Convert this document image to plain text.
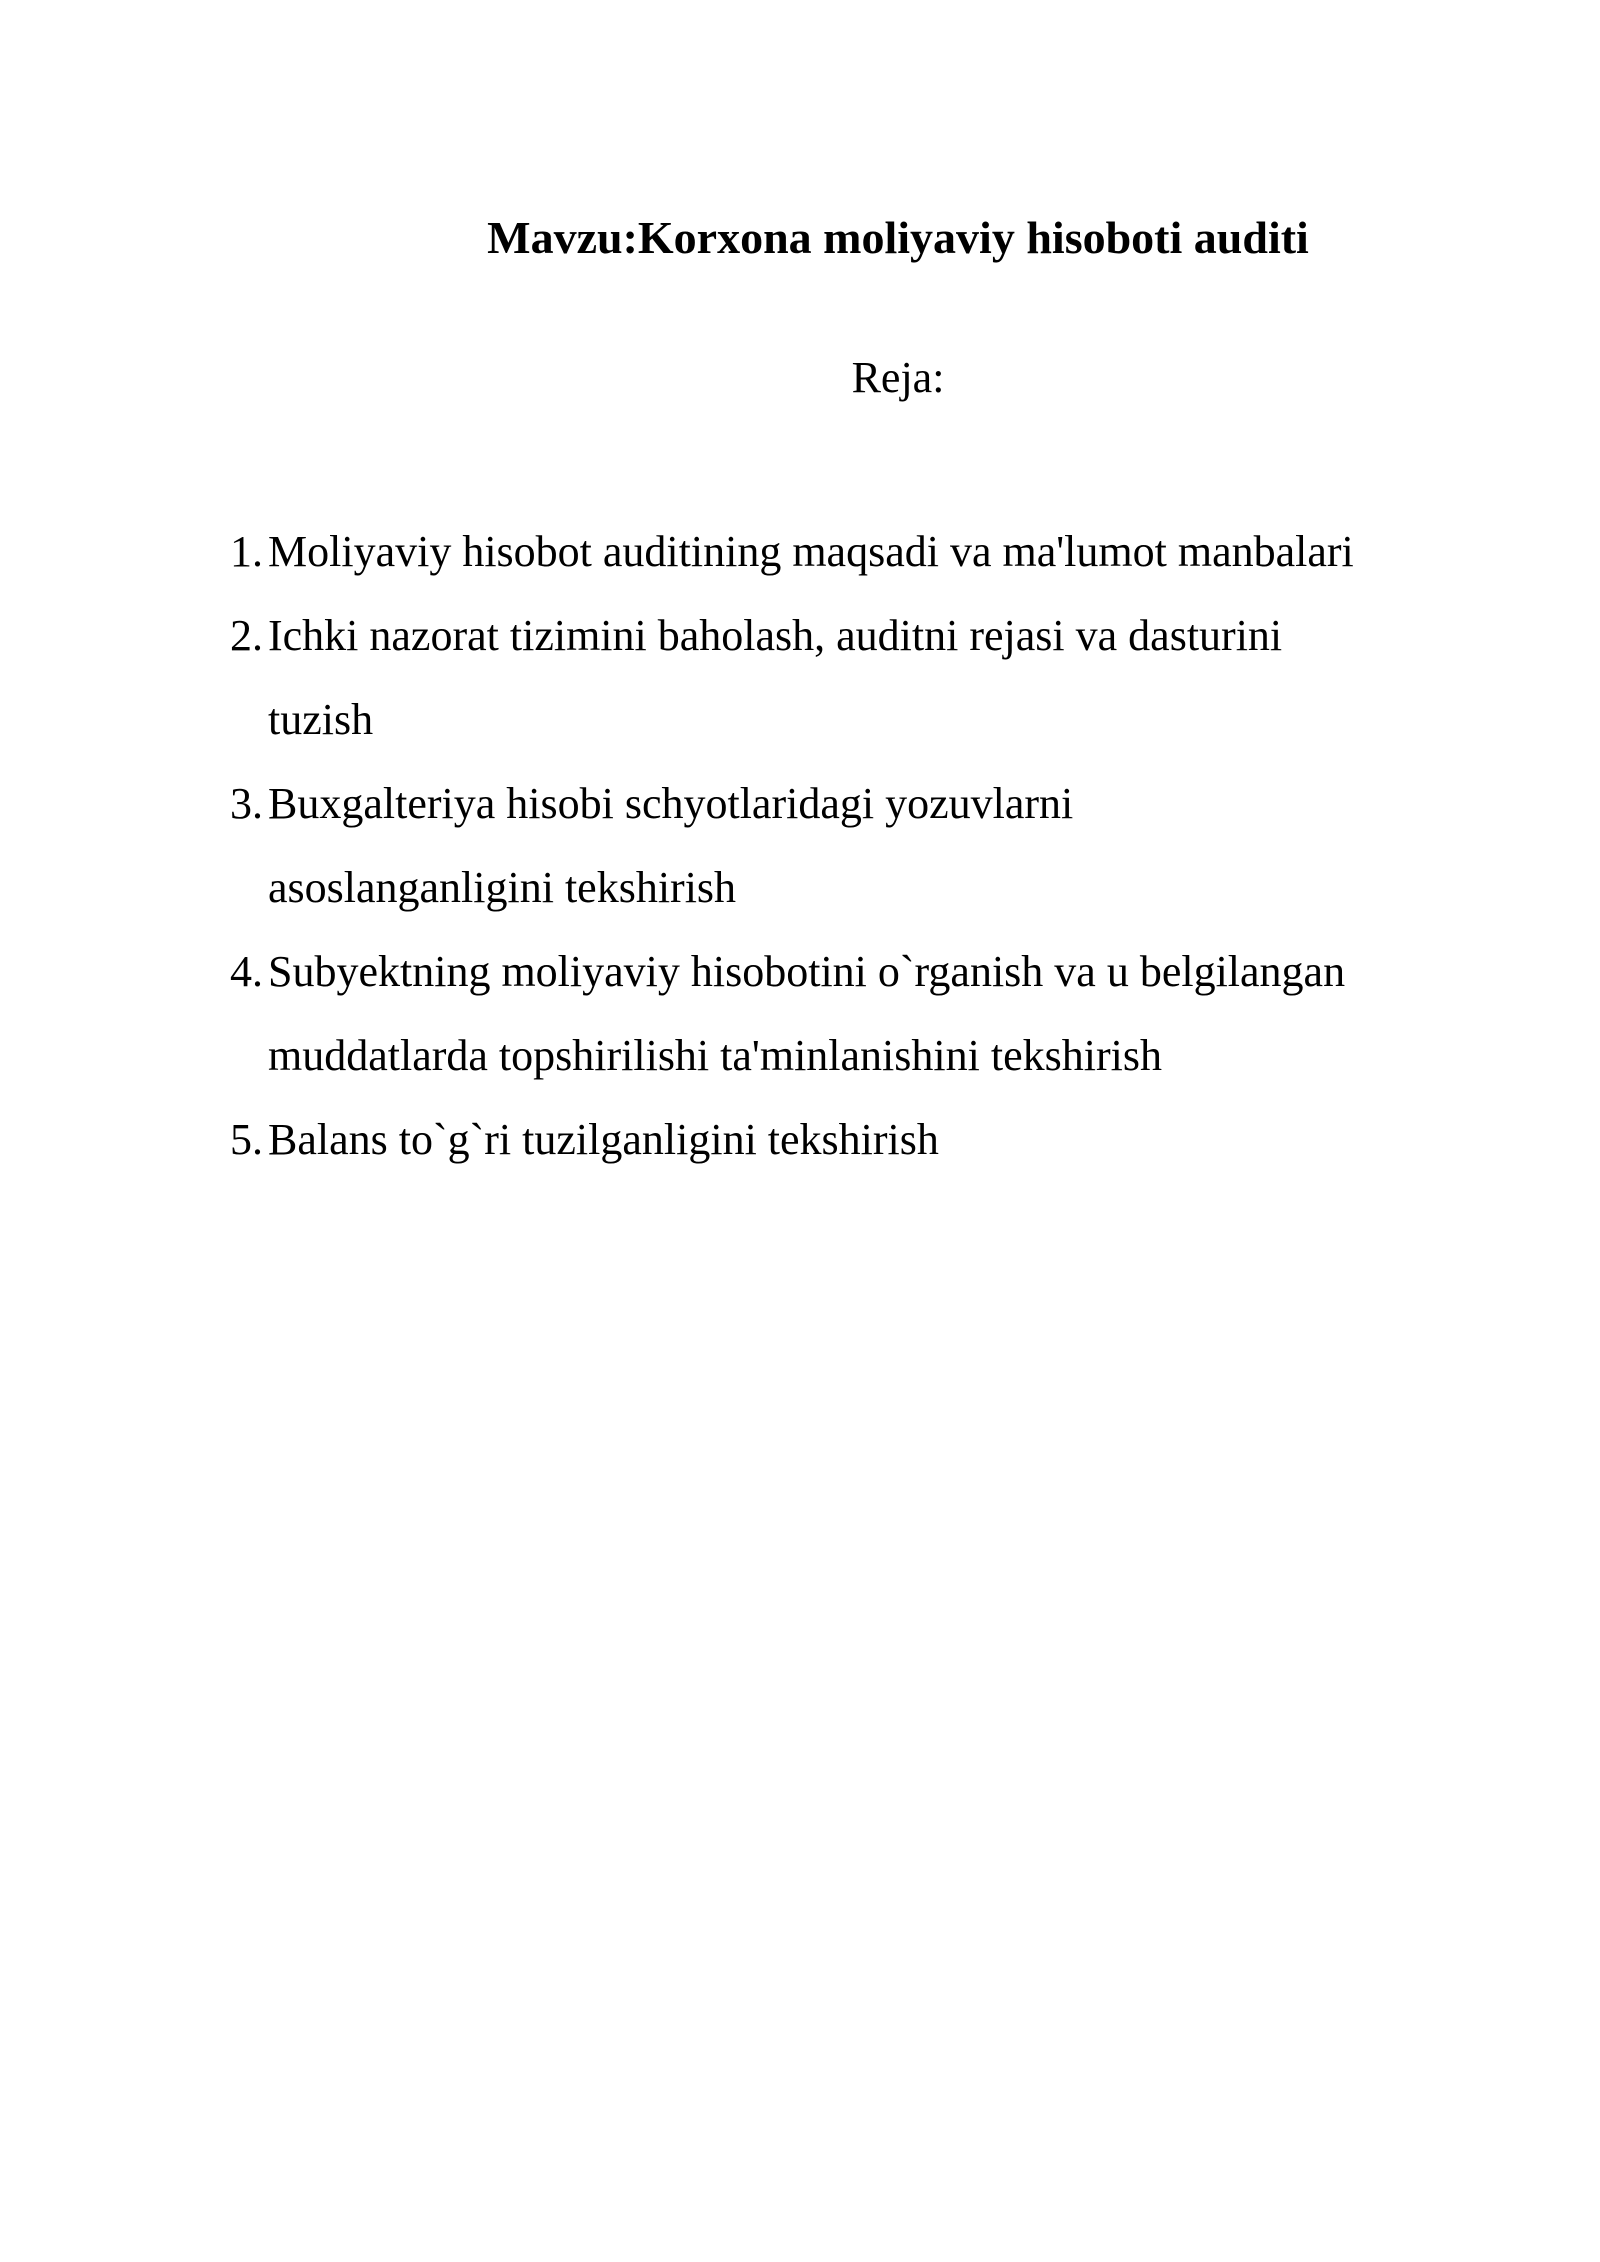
Mavzu:Korxona moliyaviy hisoboti auditi

Reja:

1. Moliyaviy hisobot auditining maqsadi va ma'lumot manbalari
2. Ichki nazorat tizimini baholash, auditni rejasi va dasturini
tuzish
3. Buxgalteriya hisobi schyotlaridagi yozuvlarni
asoslanganligini tekshirish
4. Subyektning moliyaviy hisobotini o`rganish va u belgilangan
muddatlarda topshirilishi ta'minlanishini tekshirish
5. Balans to`g`ri tuzilganligini tekshirish
